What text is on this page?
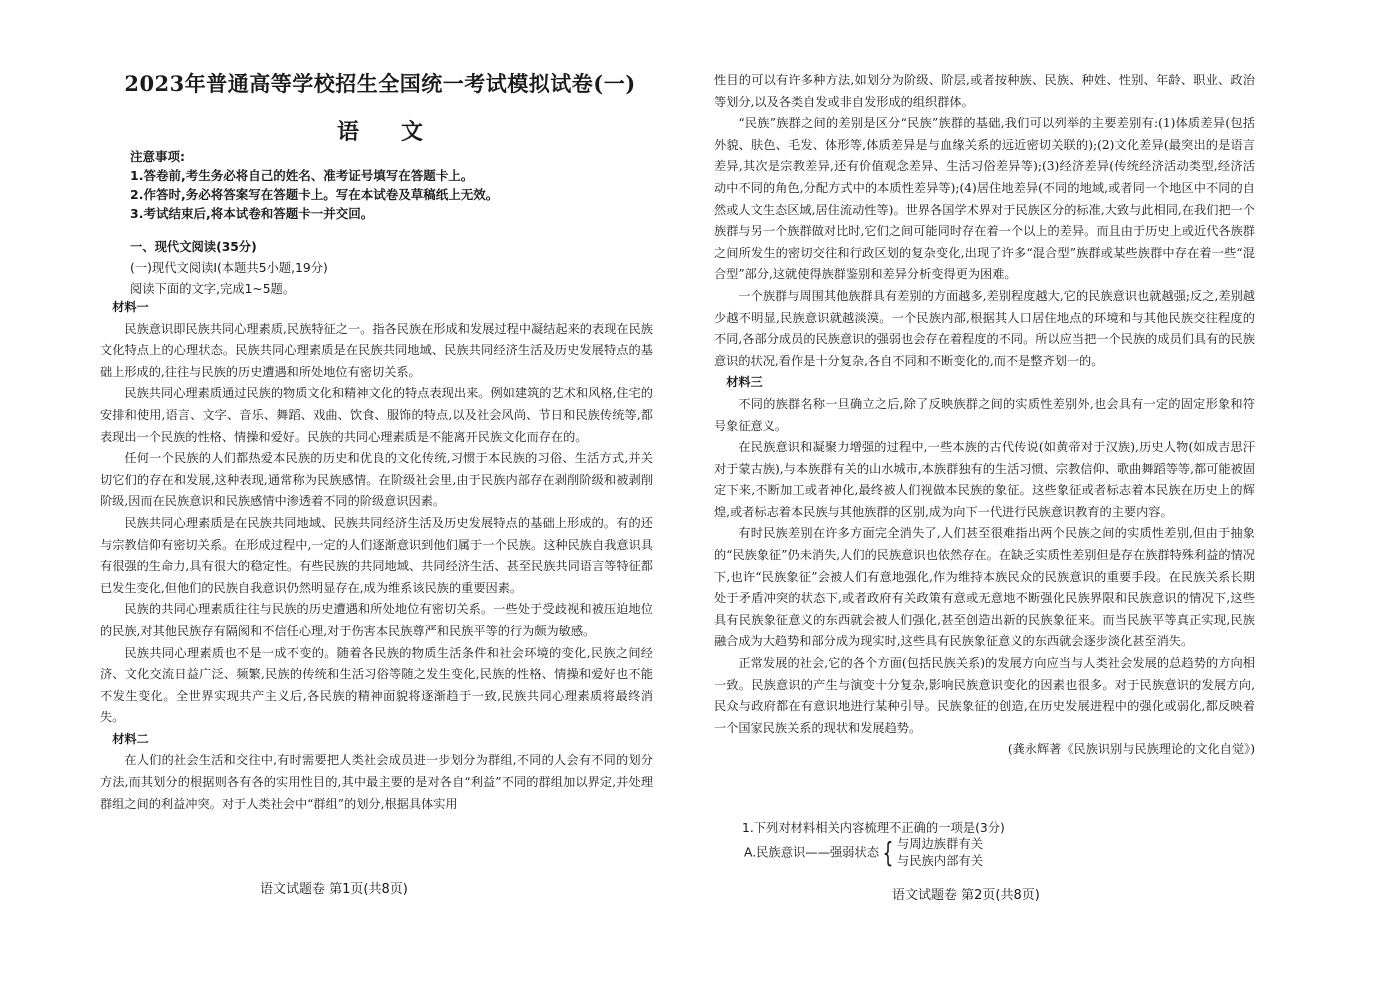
2023年普通高等学校招生全国统一考试模拟试卷(一)
语文
注意事项:
1.答卷前,考生务必将自己的姓名、准考证号填写在答题卡上。
2.作答时,务必将答案写在答题卡上。写在本试卷及草稿纸上无效。
3.考试结束后,将本试卷和答题卡一并交回。
一、现代文阅读(35分)
(一)现代文阅读Ⅰ(本题共5小题,19分)
阅读下面的文字,完成1~5题。

材料一

民族意识即民族共同心理素质,民族特征之一。指各民族在形成和发展过程中凝结起来的表现在民族文化特点上的心理状态。民族共同心理素质是在民族共同地域、民族共同经济生活及历史发展特点的基础上形成的,往往与民族的历史遭遇和所处地位有密切关系。

民族共同心理素质通过民族的物质文化和精神文化的特点表现出来。例如建筑的艺术和风格,住宅的安排和使用,语言、文字、音乐、舞蹈、戏曲、饮食、服饰的特点,以及社会风尚、节日和民族传统等,都表现出一个民族的性格、情操和爱好。民族的共同心理素质是不能离开民族文化而存在的。

任何一个民族的人们都热爱本民族的历史和优良的文化传统,习惯于本民族的习俗、生活方式,并关切它们的存在和发展,这种表现,通常称为民族感情。在阶级社会里,由于民族内部存在剥削阶级和被剥削阶级,因而在民族意识和民族感情中渗透着不同的阶级意识因素。

民族共同心理素质是在民族共同地域、民族共同经济生活及历史发展特点的基础上形成的。有的还与宗教信仰有密切关系。在形成过程中,一定的人们逐渐意识到他们属于一个民族。这种民族自我意识具有很强的生命力,具有很大的稳定性。有些民族的共同地域、共同经济生活、甚至民族共同语言等特征都已发生变化,但他们的民族自我意识仍然明显存在,成为维系该民族的重要因素。

民族的共同心理素质往往与民族的历史遭遇和所处地位有密切关系。一些处于受歧视和被压迫地位的民族,对其他民族存有隔阂和不信任心理,对于伤害本民族尊严和民族平等的行为颇为敏感。

民族共同心理素质也不是一成不变的。随着各民族的物质生活条件和社会环境的变化,民族之间经济、文化交流日益广泛、频繁,民族的传统和生活习俗等随之发生变化,民族的性格、情操和爱好也不能不发生变化。全世界实现共产主义后,各民族的精神面貌将逐渐趋于一致,民族共同心理素质将最终消失。

材料二

在人们的社会生活和交往中,有时需要把人类社会成员进一步划分为群组,不同的人会有不同的划分方法,而其划分的根据则各有各的实用性目的,其中最主要的是对各自“利益”不同的群组加以界定,并处理群组之间的利益冲突。对于人类社会中“群组”的划分,根据具体实用

语文试题卷 第1页(共8页)

性目的可以有许多种方法,如划分为阶级、阶层,或者按种族、民族、种姓、性别、年龄、职业、政治等划分,以及各类自发或非自发形成的组织群体。

“民族”族群之间的差别是区分“民族”族群的基础,我们可以列举的主要差别有:(1)体质差异(包括外貌、肤色、毛发、体形等,体质差异是与血缘关系的远近密切关联的);(2)文化差异(最突出的是语言差异,其次是宗教差异,还有价值观念差异、生活习俗差异等);(3)经济差异(传统经济活动类型,经济活动中不同的角色,分配方式中的本质性差异等);(4)居住地差异(不同的地域,或者同一个地区中不同的自然或人文生态区域,居住流动性等)。世界各国学术界对于民族区分的标准,大致与此相同,在我们把一个族群与另一个族群做对比时,它们之间可能同时存在着一个以上的差异。而且由于历史上或近代各族群之间所发生的密切交往和行政区划的复杂变化,出现了许多“混合型”族群或某些族群中存在着一些“混合型”部分,这就使得族群鉴别和差异分析变得更为困难。

一个族群与周围其他族群具有差别的方面越多,差别程度越大,它的民族意识也就越强;反之,差别越少越不明显,民族意识就越淡漠。一个民族内部,根据其人口居住地点的环境和与其他民族交往程度的不同,各部分成员的民族意识的强弱也会存在着程度的不同。所以应当把一个民族的成员们具有的民族意识的状况,看作是十分复杂,各自不同和不断变化的,而不是整齐划一的。

材料三

不同的族群名称一旦确立之后,除了反映族群之间的实质性差别外,也会具有一定的固定形象和符号象征意义。

在民族意识和凝聚力增强的过程中,一些本族的古代传说(如黄帝对于汉族),历史人物(如成吉思汗对于蒙古族),与本族群有关的山水城市,本族群独有的生活习惯、宗教信仰、歌曲舞蹈等等,都可能被固定下来,不断加工或者神化,最终被人们视做本民族的象征。这些象征或者标志着本民族在历史上的辉煌,或者标志着本民族与其他族群的区别,成为向下一代进行民族意识教育的主要内容。

有时民族差别在许多方面完全消失了,人们甚至很难指出两个民族之间的实质性差别,但由于抽象的“民族象征”仍未消失,人们的民族意识也依然存在。在缺乏实质性差别但是存在族群特殊利益的情况下,也许“民族象征”会被人们有意地强化,作为维持本族民众的民族意识的重要手段。在民族关系长期处于矛盾冲突的状态下,或者政府有关政策有意或无意地不断强化民族界限和民族意识的情况下,这些具有民族象征意义的东西就会被人们强化,甚至创造出新的民族象征来。而当民族平等真正实现,民族融合成为大趋势和部分成为现实时,这些具有民族象征意义的东西就会逐步淡化甚至消失。

正常发展的社会,它的各个方面(包括民族关系)的发展方向应当与人类社会发展的总趋势的方向相一致。民族意识的产生与演变十分复杂,影响民族意识变化的因素也很多。对于民族意识的发展方向,民众与政府都在有意识地进行某种引导。民族象征的创造,在历史发展进程中的强化或弱化,都反映着一个国家民族关系的现状和发展趋势。

(龚永辉著《民族识别与民族理论的文化自觉》)

1.下列对材料相关内容梳理不正确的一项是(3分)
A.民族意识——强弱状态 { 与周边族群有关
与民族内部有关
语文试题卷 第2页(共8页)
